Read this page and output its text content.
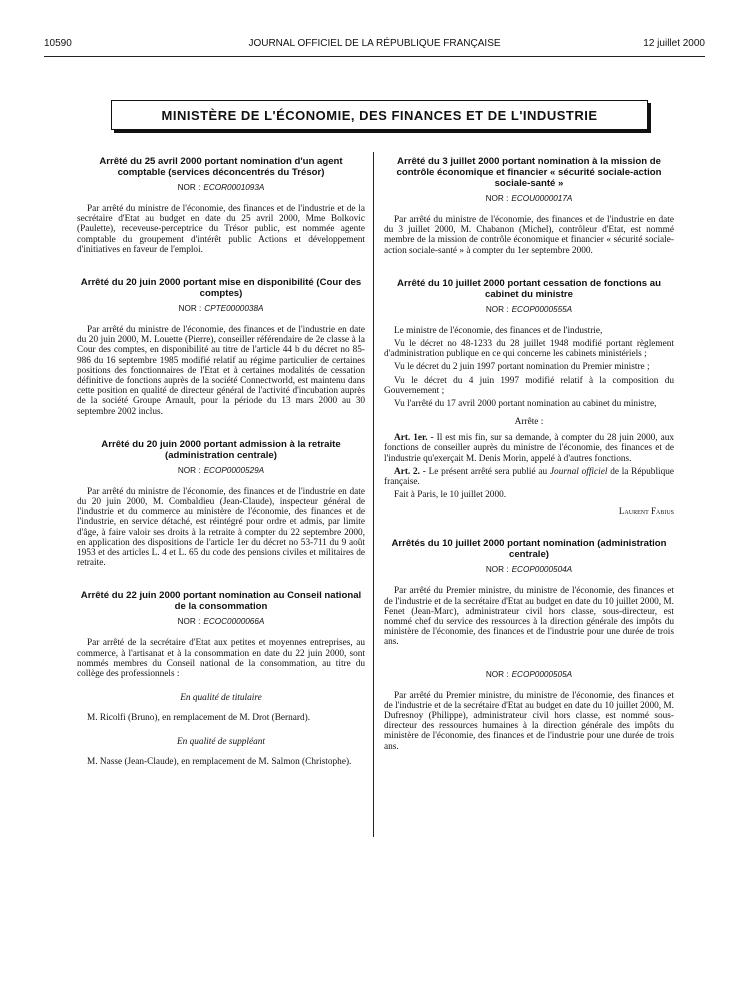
10590	JOURNAL OFFICIEL DE LA RÉPUBLIQUE FRANÇAISE	12 juillet 2000
MINISTÈRE DE L'ÉCONOMIE, DES FINANCES ET DE L'INDUSTRIE

Arrêté du 25 avril 2000 portant nomination d'un agent comptable (services déconcentrés du Trésor)

NOR : ECOR0001093A

Par arrêté du ministre de l'économie, des finances et de l'industrie et de la secrétaire d'Etat au budget en date du 25 avril 2000, Mme Bolkovic (Paulette), receveuse-perceptrice du Trésor public, est nommée agente comptable du groupement d'intérêt public Actions et développement d'initiatives en faveur de l'emploi.

Arrêté du 20 juin 2000 portant mise en disponibilité (Cour des comptes)

NOR : CPTE0000038A

Par arrêté du ministre de l'économie, des finances et de l'industrie en date du 20 juin 2000, M. Louette (Pierre), conseiller référendaire de 2e classe à la Cour des comptes, en disponibilité au titre de l'article 44 b du décret no 85-986 du 16 septembre 1985 modifié relatif au régime particulier de certaines positions des fonctionnaires de l'Etat et à certaines modalités de cessation définitive de fonctions auprès de la société Connectworld, est maintenu dans cette position en qualité de directeur général de l'activité d'incubation auprès de la société Groupe Arnault, pour la période du 13 mars 2000 au 30 septembre 2002 inclus.

Arrêté du 20 juin 2000 portant admission à la retraite (administration centrale)

NOR : ECOP0000529A

Par arrêté du ministre de l'économie, des finances et de l'industrie en date du 20 juin 2000, M. Combaldieu (Jean-Claude), inspecteur général de l'industrie et du commerce au ministère de l'économie, des finances et de l'industrie, en service détaché, est réintégré pour ordre et admis, par limite d'âge, à faire valoir ses droits à la retraite à compter du 22 septembre 2000, en application des dispositions de l'article 1er du décret no 53-711 du 9 août 1953 et des articles L. 4 et L. 65 du code des pensions civiles et militaires de retraite.

Arrêté du 22 juin 2000 portant nomination au Conseil national de la consommation

NOR : ECOC0000066A

Par arrêté de la secrétaire d'Etat aux petites et moyennes entreprises, au commerce, à l'artisanat et à la consommation en date du 22 juin 2000, sont nommés membres du Conseil national de la consommation, au titre du collège des professionnels :

En qualité de titulaire

M. Ricolfi (Bruno), en remplacement de M. Drot (Bernard).

En qualité de suppléant

M. Nasse (Jean-Claude), en remplacement de M. Salmon (Christophe).

Arrêté du 3 juillet 2000 portant nomination à la mission de contrôle économique et financier « sécurité sociale-action sociale-santé »

NOR : ECOU0000017A

Par arrêté du ministre de l'économie, des finances et de l'industrie en date du 3 juillet 2000, M. Chabanon (Michel), contrôleur d'Etat, est nommé membre de la mission de contrôle économique et financier « sécurité sociale-action sociale-santé » à compter du 1er septembre 2000.

Arrêté du 10 juillet 2000 portant cessation de fonctions au cabinet du ministre

NOR : ECOP0000555A

Le ministre de l'économie, des finances et de l'industrie,

Vu le décret no 48-1233 du 28 juillet 1948 modifié portant règlement d'administration publique en ce qui concerne les cabinets ministériels ;

Vu le décret du 2 juin 1997 portant nomination du Premier ministre ;

Vu le décret du 4 juin 1997 modifié relatif à la composition du Gouvernement ;

Vu l'arrêté du 17 avril 2000 portant nomination au cabinet du ministre,

Arrête :

Art. 1er. - Il est mis fin, sur sa demande, à compter du 28 juin 2000, aux fonctions de conseiller auprès du ministre de l'économie, des finances et de l'industrie qu'exerçait M. Denis Morin, appelé à d'autres fonctions.

Art. 2. - Le présent arrêté sera publié au Journal officiel de la République française.

Fait à Paris, le 10 juillet 2000.

Laurent Fabius

Arrêtés du 10 juillet 2000 portant nomination (administration centrale)

NOR : ECOP0000504A

Par arrêté du Premier ministre, du ministre de l'économie, des finances et de l'industrie et de la secrétaire d'Etat au budget en date du 10 juillet 2000, M. Fenet (Jean-Marc), administrateur civil hors classe, sous-directeur, est nommé chef du service des ressources à la direction générale des impôts du ministère de l'économie, des finances et de l'industrie pour une durée de trois ans.

NOR : ECOP0000505A

Par arrêté du Premier ministre, du ministre de l'économie, des finances et de l'industrie et de la secrétaire d'Etat au budget en date du 10 juillet 2000, M. Dufresnoy (Philippe), administrateur civil hors classe, est nommé sous-directeur des ressources humaines à la direction générale des impôts du ministère de l'économie, des finances et de l'industrie pour une durée de trois ans.
